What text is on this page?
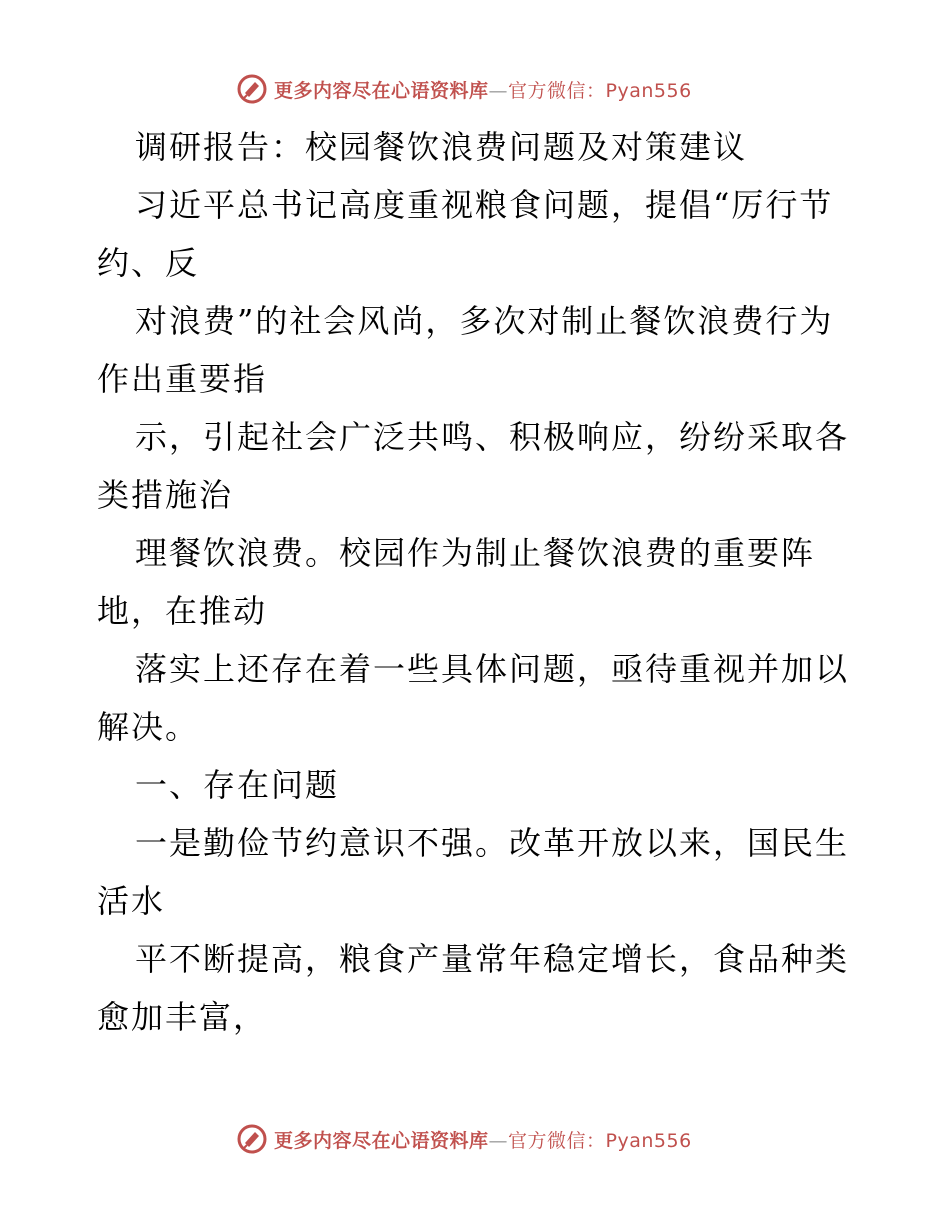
更多内容尽在心语资料库—官方微信：Pyan556
调研报告：校园餐饮浪费问题及对策建议
习近平总书记高度重视粮食问题，提倡“厉行节
约、反
对浪费”的社会风尚，多次对制止餐饮浪费行为
作出重要指
示，引起社会广泛共鸣、积极响应，纷纷采取各
类措施治
理餐饮浪费。校园作为制止餐饮浪费的重要阵
地，在推动
落实上还存在着一些具体问题，亟待重视并加以
解决。
一、存在问题
一是勤俭节约意识不强。改革开放以来，国民生
活水
平不断提高，粮食产量常年稳定增长，食品种类
愈加丰富，
更多内容尽在心语资料库—官方微信：Pyan556
